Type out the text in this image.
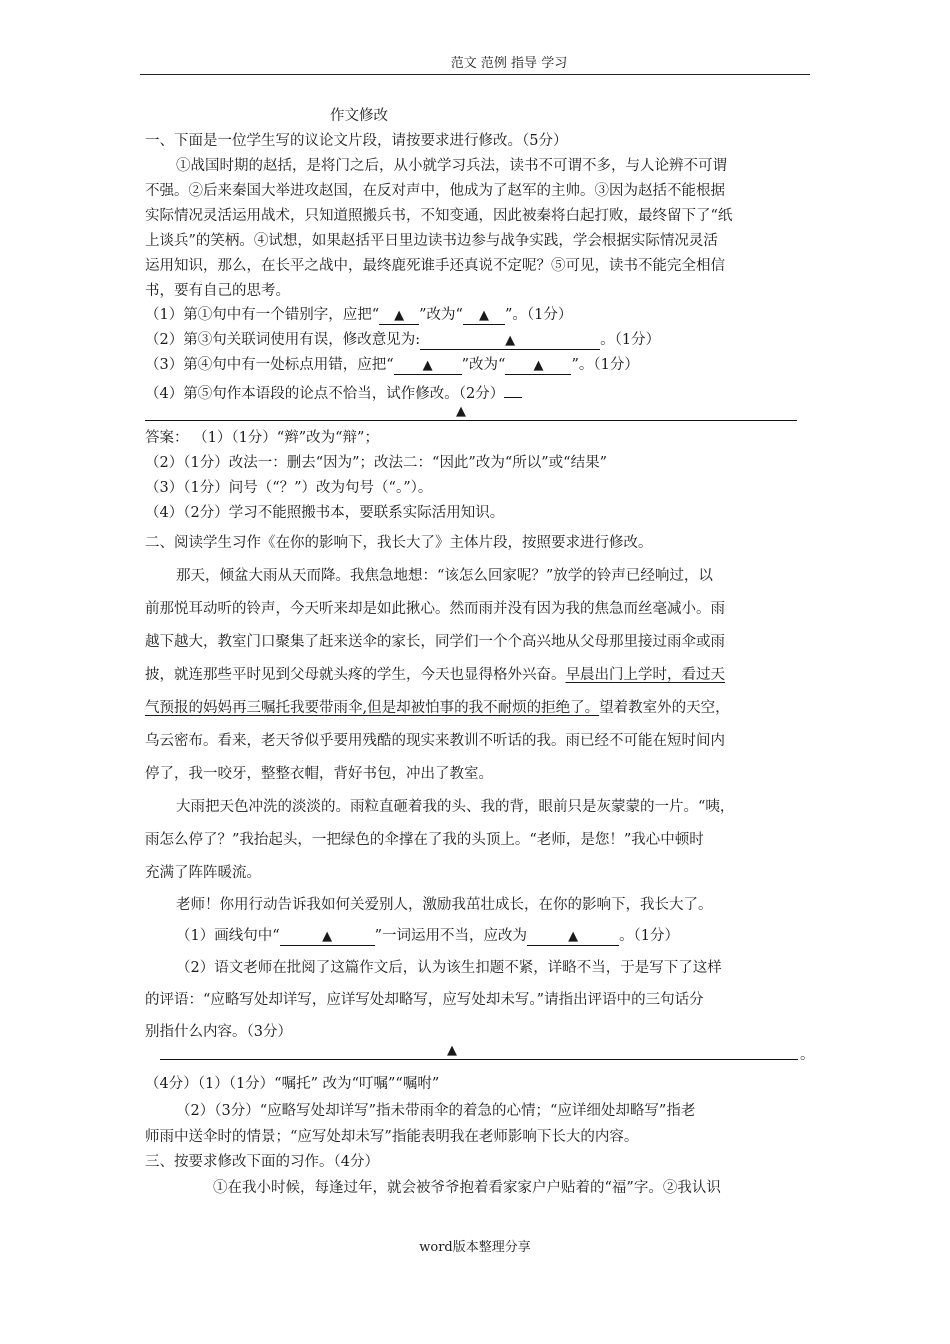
范文 范例 指导 学习
作文修改
一、下面是一位学生写的议论文片段，请按要求进行修改。（5分）
①战国时期的赵括，是将门之后，从小就学习兵法，读书不可谓不多，与人论辨不可谓
不强。②后来秦国大举进攻赵国，在反对声中，他成为了赵军的主帅。③因为赵括不能根据
实际情况灵活运用战术，只知道照搬兵书，不知变通，因此被秦将白起打败，最终留下了“纸
上谈兵”的笑柄。④试想，如果赵括平日里边读书边参与战争实践，学会根据实际情况灵活
运用知识，那么，在长平之战中，最终鹿死谁手还真说不定呢？⑤可见，读书不能完全相信
书，要有自己的思考。
（1）第①句中有一个错别字，应把“ ▲ ”改为“ ▲ ”。（1分）
（2）第③句关联词使用有误，修改意见为:	▲	。（1分）
（3）第④句中有一处标点用错，应把“ ▲ ”改为“ ▲ ”。（1分）
（4）第⑤句作本语段的论点不恰当，试作修改。（2分）
▲
答案： （1）（1分）“辫”改为“辩”；
（2）（1分）改法一：删去“因为”；改法二：“因此”改为“所以”或“结果”
（3）（1分）问号（“？”）改为句号（“。”）。
（4）（2分）学习不能照搬书本，要联系实际活用知识。
二、阅读学生习作《在你的影响下，我长大了》主体片段，按照要求进行修改。
那天，倾盆大雨从天而降。我焦急地想：“该怎么回家呢？”放学的铃声已经响过，以
前那悦耳动听的铃声，今天听来却是如此揪心。然而雨并没有因为我的焦急而丝毫减小。雨
越下越大，教室门口聚集了赶来送伞的家长，同学们一个个高兴地从父母那里接过雨伞或雨
披，就连那些平时见到父母就头疼的学生，今天也显得格外兴奋。早晨出门上学时，看过天
气预报的妈妈再三嘱托我要带雨伞,但是却被怕事的我不耐烦的拒绝了。望着教室外的天空，
乌云密布。看来，老天爷似乎要用残酷的现实来教训不听话的我。雨已经不可能在短时间内
停了，我一咬牙，整整衣帽，背好书包，冲出了教室。
大雨把天色冲洗的淡淡的。雨粒直砸着我的头、我的背，眼前只是灰蒙蒙的一片。“咦，
雨怎么停了？”我抬起头，一把绿色的伞撑在了我的头顶上。“老师，是您！”我心中顿时
充满了阵阵暖流。
老师！你用行动告诉我如何关爱别人，激励我茁壮成长，在你的影响下，我长大了。
（1）画线句中“	▲	”一词运用不当，应改为	▲	。（1分）
（2）语文老师在批阅了这篇作文后，认为该生扣题不紧，详略不当，于是写下了这样
的评语：“应略写处却详写，应详写处却略写，应写处却未写。”请指出评语中的三句话分
别指什么内容。（3分）
▲	。
（4分）（1）（1分）“嘱托” 改为“叮嘱”“嘱咐”
（2）（3分）“应略写处却详写”指未带雨伞的着急的心情；“应详细处却略写”指老
师雨中送伞时的情景；“应写处却未写”指能表明我在老师影响下长大的内容。
三、按要求修改下面的习作。（4分）
①在我小时候，每逢过年，就会被爷爷抱着看家家户户贴着的“福”字。②我认识
word版本整理分享
